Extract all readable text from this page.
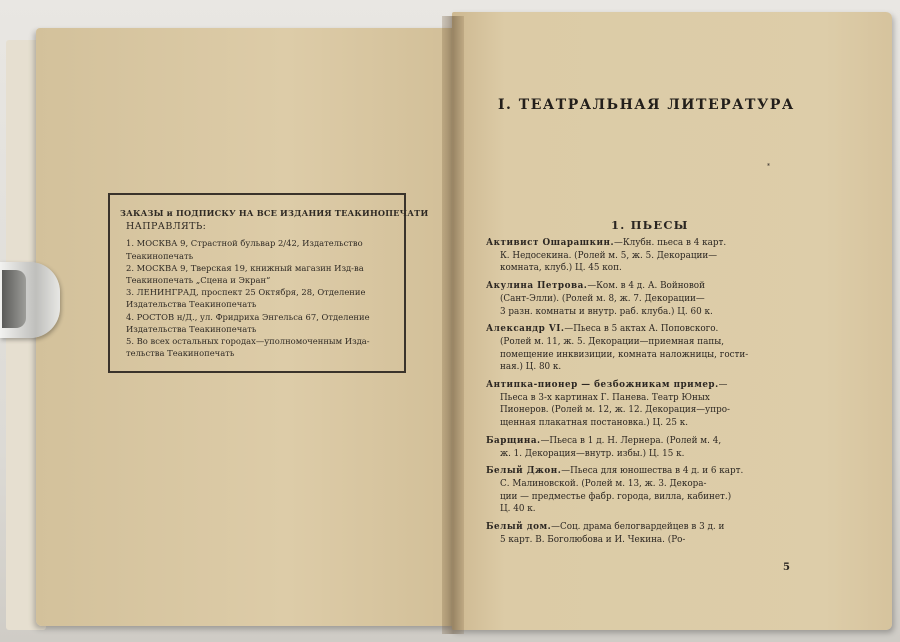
ЗАКАЗЫ и ПОДПИСКУ НА ВСЕ ИЗДАНИЯ ТЕАКИНОПЕЧАТИ
НАПРАВЛЯТЬ:
1. МОСКВА 9, Страстной бульвар 2/42, Издательство
Теакинопечать
2. МОСКВА 9, Тверская 19, книжный магазин Изд-ва
Теакинопечать „Сцена и Экран“
3. ЛЕНИНГРАД, проспект 25 Октября, 28, Отделение
Издательства Теакинопечать
4. РОСТОВ н/Д., ул. Фридриха Энгельса 67, Отделение
Издательства Теакинопечать
5. Во всех остальных городах—уполномоченным Изда-
тельства Теакинопечать
I. ТЕАТРАЛЬНАЯ ЛИТЕРАТУРА
*
1. ПЬЕСЫ
Активист Ошарашкин.—Клубн. пьеса в 4 карт.
К. Недосекина. (Ролей м. 5, ж. 5. Декорации—
комната, клуб.) Ц. 45 коп.
Акулина Петрова.—Ком. в 4 д. А. Войновой
(Сант-Элли). (Ролей м. 8, ж. 7. Декорации—
3 разн. комнаты и внутр. раб. клуба.) Ц. 60 к.
Александр VI.—Пьеса в 5 актах А. Поповского.
(Ролей м. 11, ж. 5. Декорации—приемная папы,
помещение инквизиции, комната наложницы, гости-
ная.) Ц. 80 к.
Антипка-пионер — безбожникам пример.—
Пьеса в 3-х картинах Г. Панева. Театр Юных
Пионеров. (Ролей м. 12, ж. 12. Декорация—упро-
щенная плакатная постановка.) Ц. 25 к.
Барщина.—Пьеса в 1 д. Н. Лернера. (Ролей м. 4,
ж. 1. Декорация—внутр. избы.) Ц. 15 к.
Белый Джон.—Пьеса для юношества в 4 д. и 6 карт.
С. Малиновской. (Ролей м. 13, ж. 3. Декора-
ции — предместье фабр. города, вилла, кабинет.)
Ц. 40 к.
Белый дом.—Соц. драма белогвардейцев в 3 д. и
5 карт. В. Боголюбова и И. Чекина. (Ро-
5
